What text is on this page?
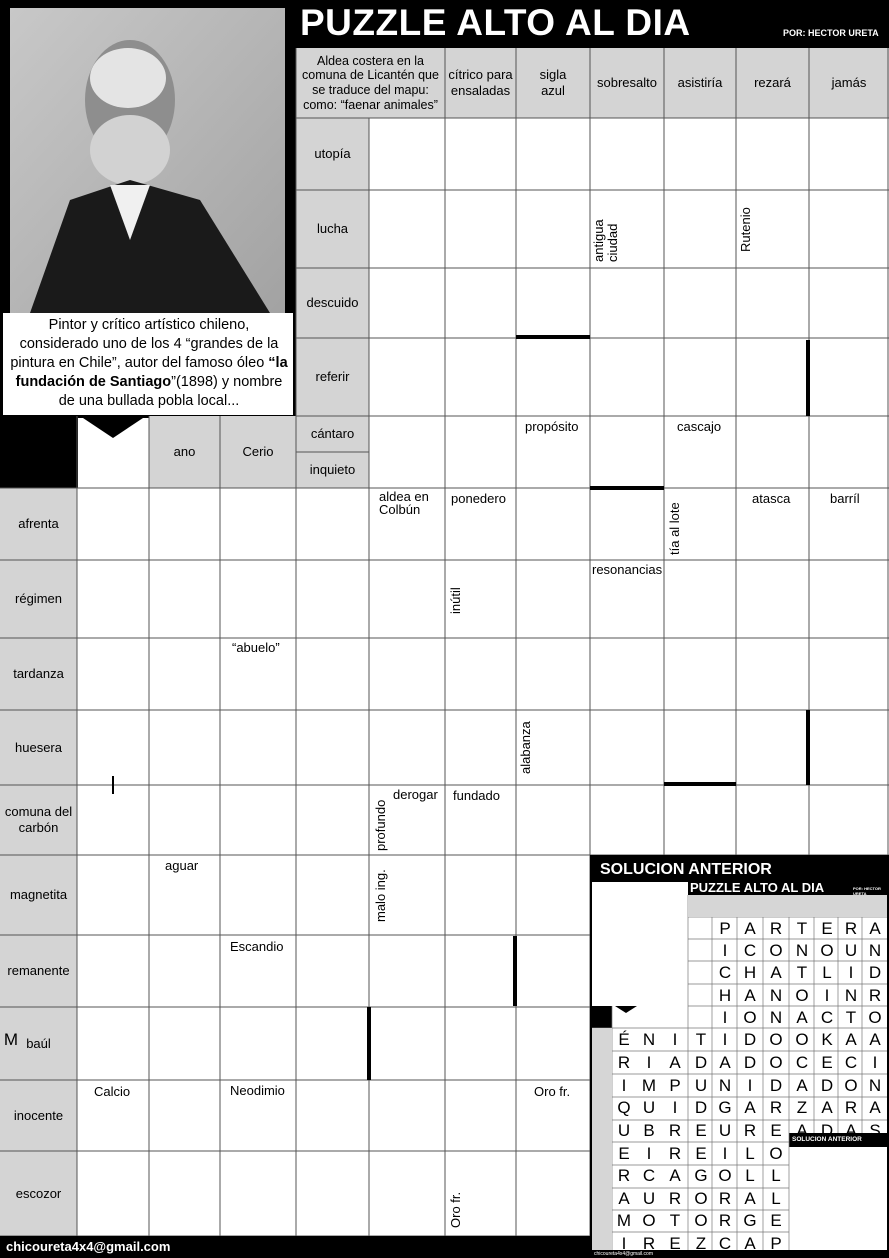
PUZZLE ALTO AL DIA	POR: HECTOR URETA
Pintor y crítico artístico chileno, considerado uno de los 4 “grandes de la pintura en Chile”, autor del famoso óleo “la fundación de Santiago”(1898) y nombre de una bullada pobla local...
Aldea costera en la comuna de Licantén que se traduce del mapu: como: “faenar animales”
cítrico para ensaladas
sigla azul
sobresalto	asistiría	rezará	jamás
utopía
lucha
descuido
referir
cántaro
inquieto
ano	Cerio
afrenta
régimen
tardanza
huesera
comuna del carbón
magnetita
remanente
baúl
inocente
escozor
antigua ciudad	Rutenio
propósito	cascajo
aldea en Colbún
ponedero
tía al lote
atasca	barríl
resonancias
inútil
“abuelo”
alabanza
profundo
derogar fundado
aguar
malo ing.
Escandio
Calcio	Neodimio	Oro fr.
Oro fr.
chicoureta4x4@gmail.com
SOLUCION ANTERIOR
PUZZLE ALTO AL DIA	POR: HECTOR URETA
SOLUCION ANTERIOR
chicoureta4x4@gmail.com
P A R T E R A
I C O N O U N
C H A T L I D
H A N O I N R
I O N A C T O
É N	I	T I D O O K A A
M
R I	A D A D O C E C I
I M P U N I	D A D O N
Q U	I	D G A R Z A R A
U B R E U R E A D A S
E I	R E I	L O
R C A G O L L
A U R O R A L
M O T O R G E
I R E Z C A P
